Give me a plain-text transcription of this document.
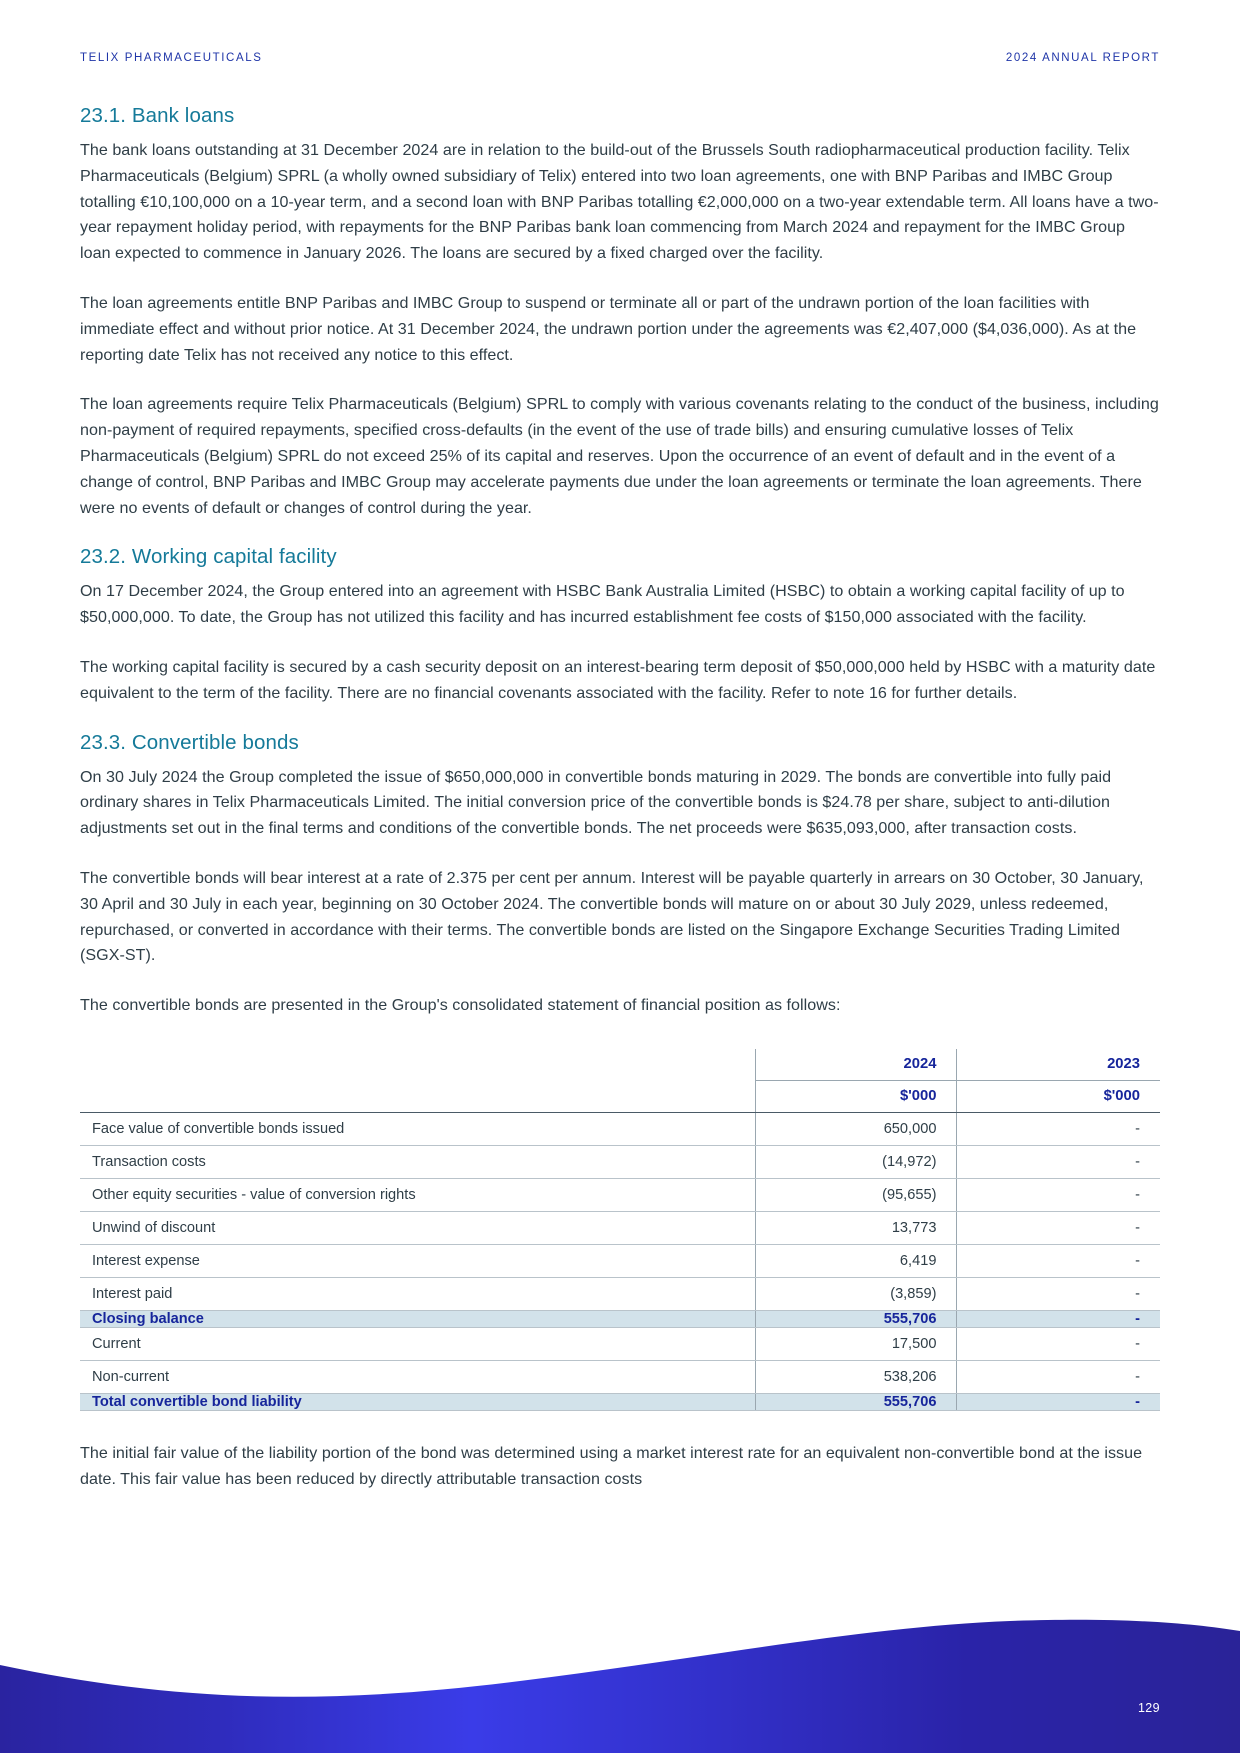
TELIX PHARMACEUTICALS	2024 ANNUAL REPORT
23.1. Bank loans

The bank loans outstanding at 31 December 2024 are in relation to the build-out of the Brussels South radiopharmaceutical production facility. Telix Pharmaceuticals (Belgium) SPRL (a wholly owned subsidiary of Telix) entered into two loan agreements, one with BNP Paribas and IMBC Group totalling €10,100,000 on a 10-year term, and a second loan with BNP Paribas totalling €2,000,000 on a two-year extendable term. All loans have a two-year repayment holiday period, with repayments for the BNP Paribas bank loan commencing from March 2024 and repayment for the IMBC Group loan expected to commence in January 2026. The loans are secured by a fixed charged over the facility.

The loan agreements entitle BNP Paribas and IMBC Group to suspend or terminate all or part of the undrawn portion of the loan facilities with immediate effect and without prior notice. At 31 December 2024, the undrawn portion under the agreements was €2,407,000 ($4,036,000). As at the reporting date Telix has not received any notice to this effect.

The loan agreements require Telix Pharmaceuticals (Belgium) SPRL to comply with various covenants relating to the conduct of the business, including non-payment of required repayments, specified cross-defaults (in the event of the use of trade bills) and ensuring cumulative losses of Telix Pharmaceuticals (Belgium) SPRL do not exceed 25% of its capital and reserves. Upon the occurrence of an event of default and in the event of a change of control, BNP Paribas and IMBC Group may accelerate payments due under the loan agreements or terminate the loan agreements. There were no events of default or changes of control during the year.

23.2. Working capital facility

On 17 December 2024, the Group entered into an agreement with HSBC Bank Australia Limited (HSBC) to obtain a working capital facility of up to $50,000,000. To date, the Group has not utilized this facility and has incurred establishment fee costs of $150,000 associated with the facility.

The working capital facility is secured by a cash security deposit on an interest-bearing term deposit of $50,000,000 held by HSBC with a maturity date equivalent to the term of the facility. There are no financial covenants associated with the facility. Refer to note 16 for further details.

23.3. Convertible bonds

On 30 July 2024 the Group completed the issue of $650,000,000 in convertible bonds maturing in 2029. The bonds are convertible into fully paid ordinary shares in Telix Pharmaceuticals Limited. The initial conversion price of the convertible bonds is $24.78 per share, subject to anti-dilution adjustments set out in the final terms and conditions of the convertible bonds. The net proceeds were $635,093,000, after transaction costs.

The convertible bonds will bear interest at a rate of 2.375 per cent per annum. Interest will be payable quarterly in arrears on 30 October, 30 January, 30 April and 30 July in each year, beginning on 30 October 2024. The convertible bonds will mature on or about 30 July 2029, unless redeemed, repurchased, or converted in accordance with their terms. The convertible bonds are listed on the Singapore Exchange Securities Trading Limited (SGX-ST).

The convertible bonds are presented in the Group's consolidated statement of financial position as follows:

	2024	2023
	$'000	$'000
Face value of convertible bonds issued	650,000	-
Transaction costs	(14,972)	-
Other equity securities - value of conversion rights	(95,655)	-
Unwind of discount	13,773	-
Interest expense	6,419	-
Interest paid	(3,859)	-
Closing balance	555,706	-
Current	17,500	-
Non-current	538,206	-
Total convertible bond liability	555,706	-

The initial fair value of the liability portion of the bond was determined using a market interest rate for an equivalent non-convertible bond at the issue date. This fair value has been reduced by directly attributable transaction costs

129
